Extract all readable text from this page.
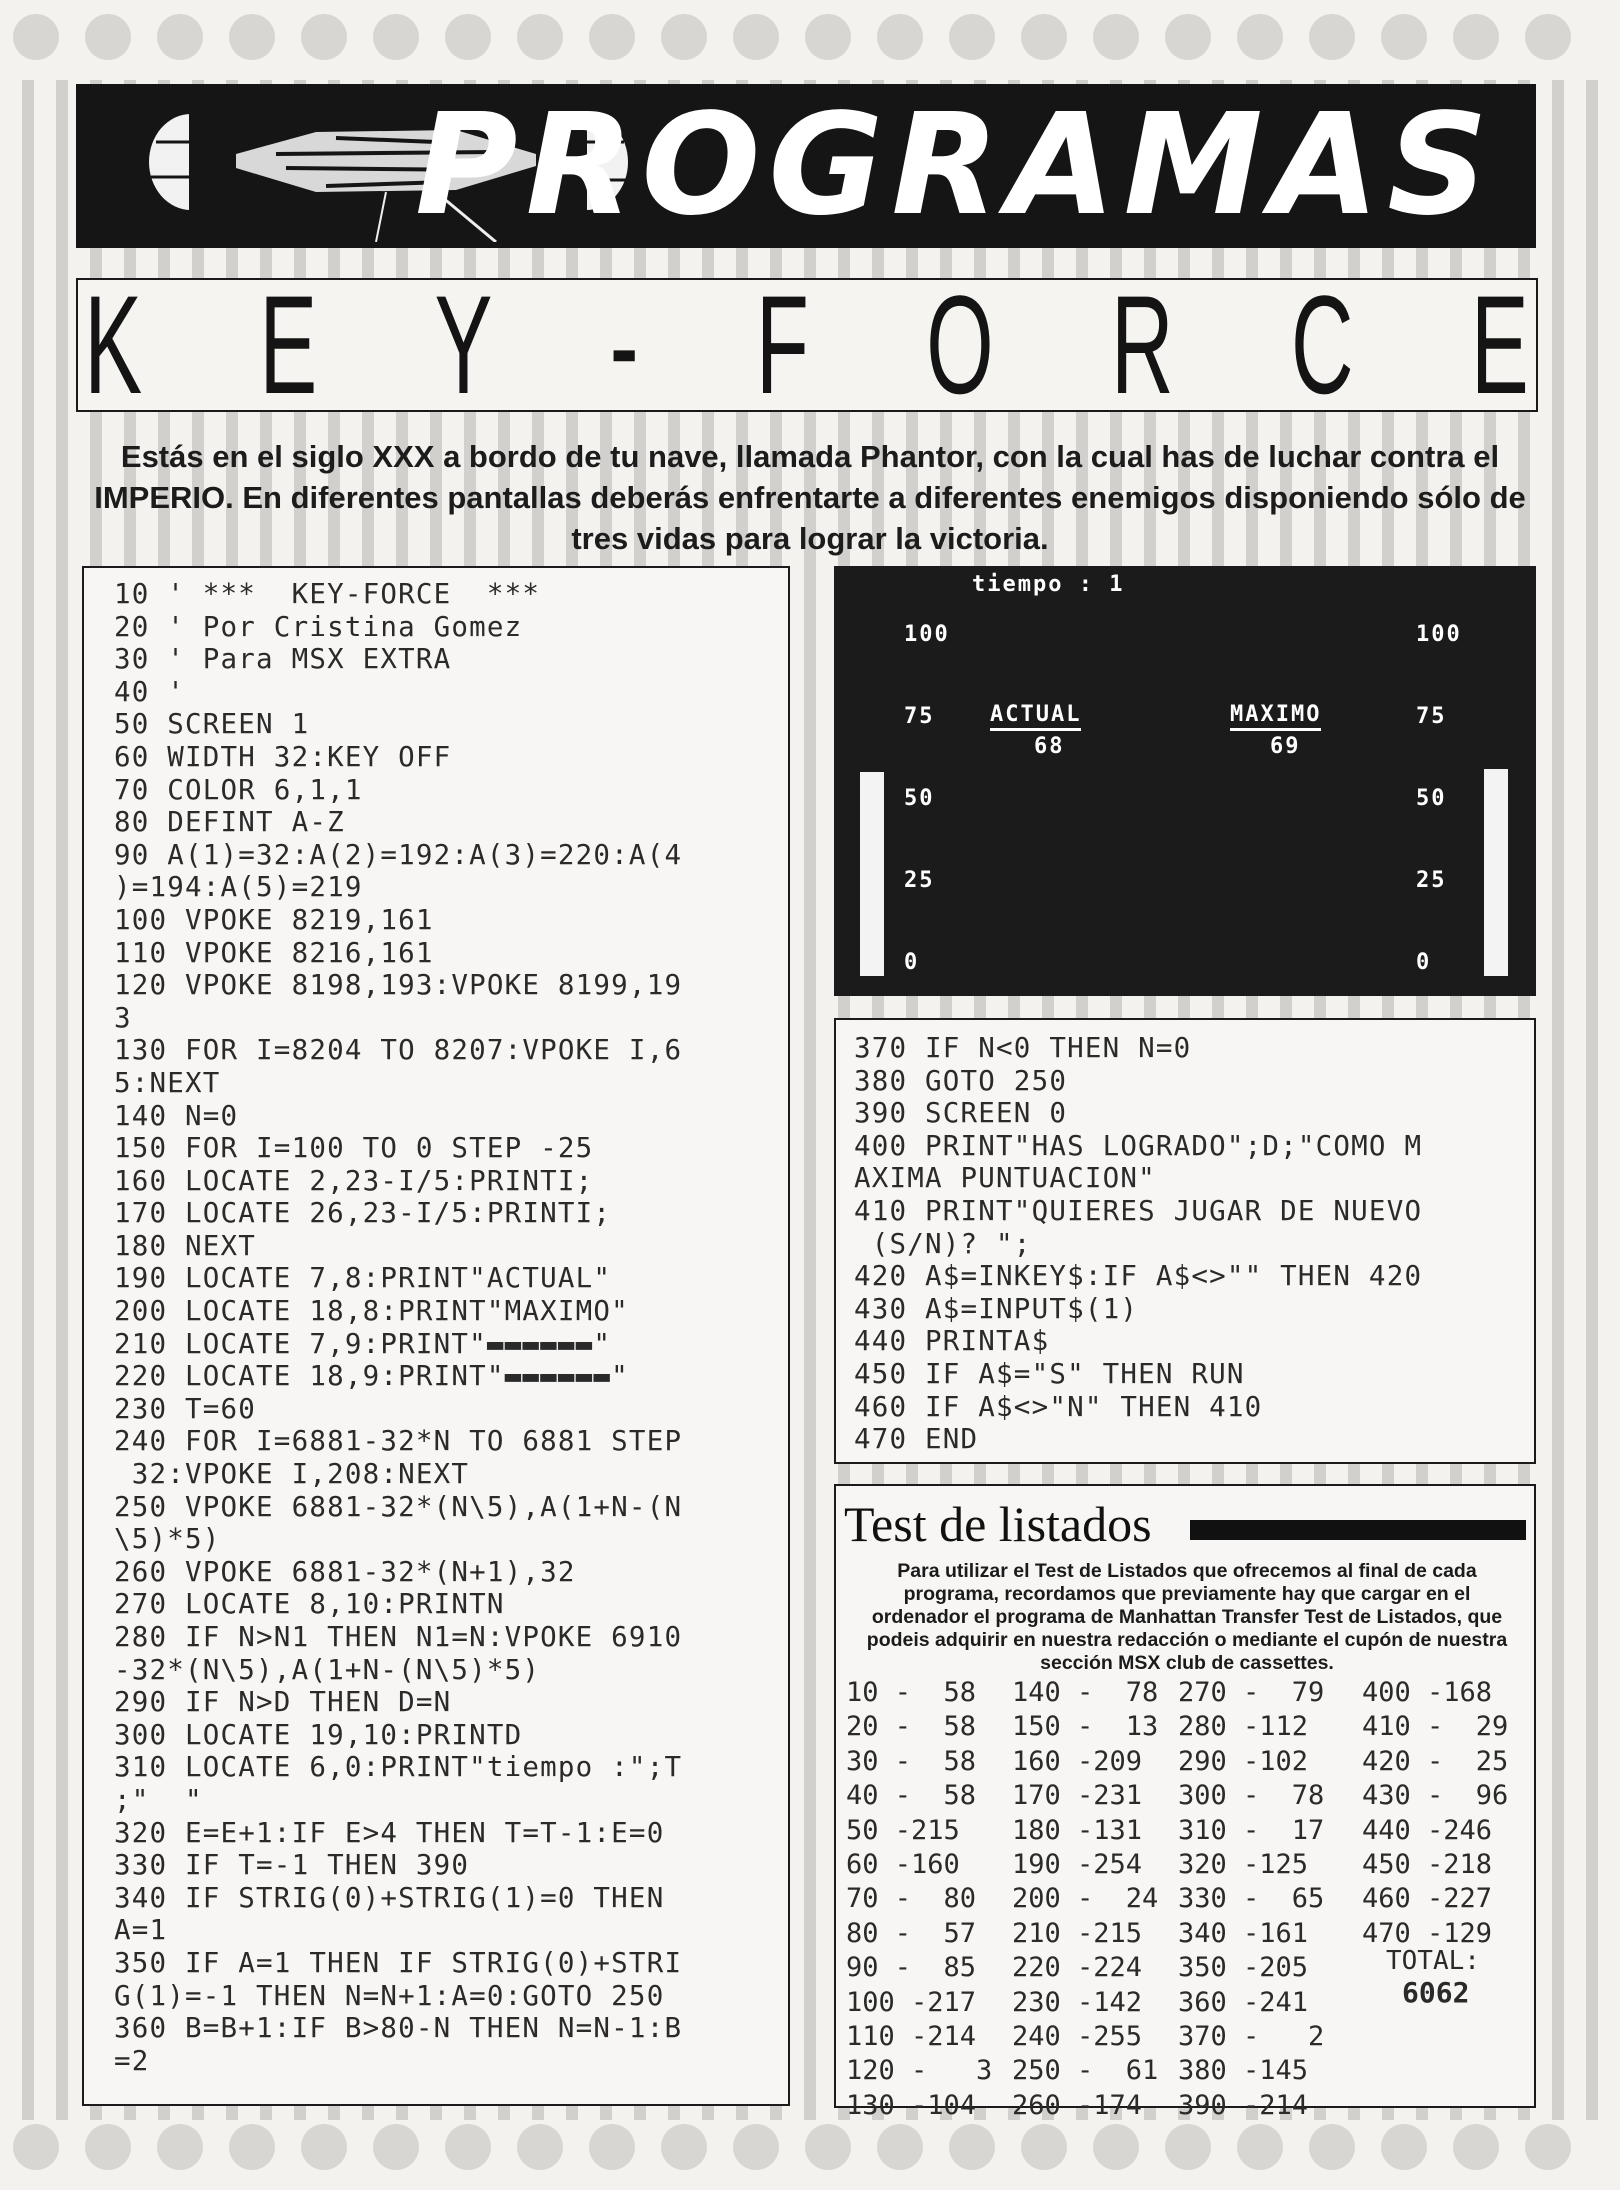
PROGRAMAS
K E Y - F O R C E
Estás en el siglo XXX a bordo de tu nave, llamada Phantor, con la cual has de luchar contra el IMPERIO. En diferentes pantallas deberás enfrentarte a diferentes enemigos disponiendo sólo de tres vidas para lograr la victoria.
10 ' ***  KEY-FORCE  ***
20 ' Por Cristina Gomez
30 ' Para MSX EXTRA
40 '
50 SCREEN 1
60 WIDTH 32:KEY OFF
70 COLOR 6,1,1
80 DEFINT A-Z
90 A(1)=32:A(2)=192:A(3)=220:A(4
)=194:A(5)=219
100 VPOKE 8219,161
110 VPOKE 8216,161
120 VPOKE 8198,193:VPOKE 8199,19
3
130 FOR I=8204 TO 8207:VPOKE I,6
5:NEXT
140 N=0
150 FOR I=100 TO 0 STEP -25
160 LOCATE 2,23-I/5:PRINTI;
170 LOCATE 26,23-I/5:PRINTI;
180 NEXT
190 LOCATE 7,8:PRINT"ACTUAL"
200 LOCATE 18,8:PRINT"MAXIMO"
210 LOCATE 7,9:PRINT"▬▬▬▬▬▬"
220 LOCATE 18,9:PRINT"▬▬▬▬▬▬"
230 T=60
240 FOR I=6881-32*N TO 6881 STEP
32:VPOKE I,208:NEXT
250 VPOKE 6881-32*(N\5),A(1+N-(N
\5)*5)
260 VPOKE 6881-32*(N+1),32
270 LOCATE 8,10:PRINTN
280 IF N>N1 THEN N1=N:VPOKE 6910
-32*(N\5),A(1+N-(N\5)*5)
290 IF N>D THEN D=N
300 LOCATE 19,10:PRINTD
310 LOCATE 6,0:PRINT"tiempo :";T
;"  "
320 E=E+1:IF E>4 THEN T=T-1:E=0
330 IF T=-1 THEN 390
340 IF STRIG(0)+STRIG(1)=0 THEN
A=1
350 IF A=1 THEN IF STRIG(0)+STRI
G(1)=-1 THEN N=N+1:A=0:GOTO 250
360 B=B+1:IF B>80-N THEN N=N-1:B
=2
tiempo : 1
100
75
50
25
0
100
75
50
25
0
ACTUAL
68
MAXIMO
69
370 IF N<0 THEN N=0
380 GOTO 250
390 SCREEN 0
400 PRINT"HAS LOGRADO";D;"COMO M
AXIMA PUNTUACION"
410 PRINT"QUIERES JUGAR DE NUEVO
(S/N)? ";
420 A$=INKEY$:IF A$<>"" THEN 420
430 A$=INPUT$(1)
440 PRINTA$
450 IF A$="S" THEN RUN
460 IF A$<>"N" THEN 410
470 END
Test de listados
Para utilizar el Test de Listados que ofrecemos al final de cada programa, recordamos que previamente hay que cargar en el ordenador el programa de Manhattan Transfer Test de Listados, que podeis adquirir en nuestra redacción o mediante el cupón de nuestra sección MSX club de cassettes.
10 -  58
20 -  58
30 -  58
40 -  58
50 -215
60 -160
70 -  80
80 -  57
90 -  85
100 -217
110 -214
120 -   3
130 -104
140 -  78
150 -  13
160 -209
170 -231
180 -131
190 -254
200 -  24
210 -215
220 -224
230 -142
240 -255
250 -  61
260 -174
270 -  79
280 -112
290 -102
300 -  78
310 -  17
320 -125
330 -  65
340 -161
350 -205
360 -241
370 -   2
380 -145
390 -214
400 -168
410 -  29
420 -  25
430 -  96
440 -246
450 -218
460 -227
470 -129
TOTAL:
6062
